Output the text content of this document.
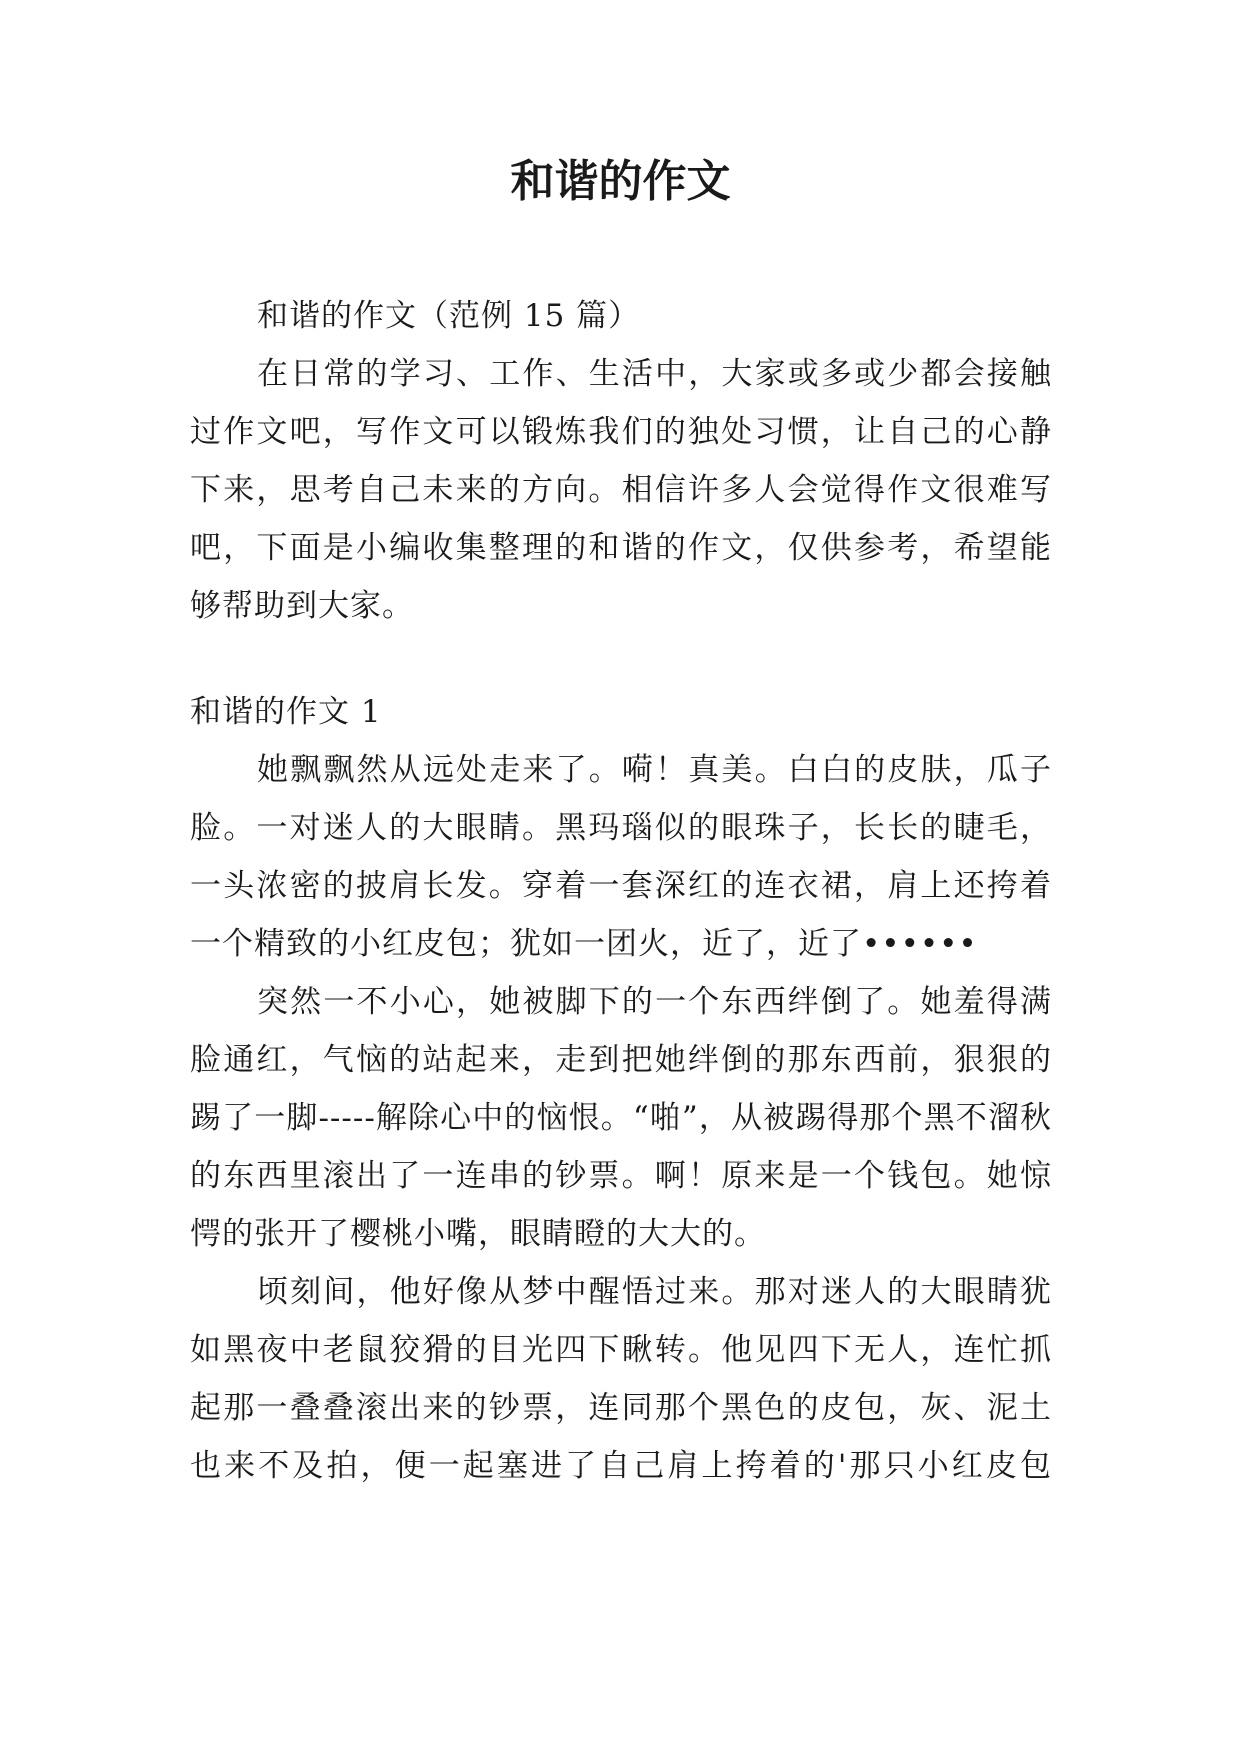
和谐的作文

和谐的作文（范例 15 篇）

在日常的学习、工作、生活中，大家或多或少都会接触过作文吧，写作文可以锻炼我们的独处习惯，让自己的心静下来，思考自己未来的方向。相信许多人会觉得作文很难写吧，下面是小编收集整理的和谐的作文，仅供参考，希望能够帮助到大家。

和谐的作文 1

她飘飘然从远处走来了。嗬！真美。白白的皮肤，瓜子脸。一对迷人的大眼睛。黑玛瑙似的眼珠子，长长的睫毛，一头浓密的披肩长发。穿着一套深红的连衣裙，肩上还挎着一个精致的小红皮包；犹如一团火，近了，近了••••••

突然一不小心，她被脚下的一个东西绊倒了。她羞得满脸通红，气恼的站起来，走到把她绊倒的那东西前，狠狠的踢了一脚-----解除心中的恼恨。“啪”，从被踢得那个黑不溜秋的东西里滚出了一连串的钞票。啊！原来是一个钱包。她惊愕的张开了樱桃小嘴，眼睛瞪的大大的。

顷刻间，他好像从梦中醒悟过来。那对迷人的大眼睛犹如黑夜中老鼠狡猾的目光四下瞅转。他见四下无人，连忙抓起那一叠叠滚出来的钞票，连同那个黑色的皮包，灰、泥土也来不及拍，便一起塞进了自己肩上挎着的'那只小红皮包
